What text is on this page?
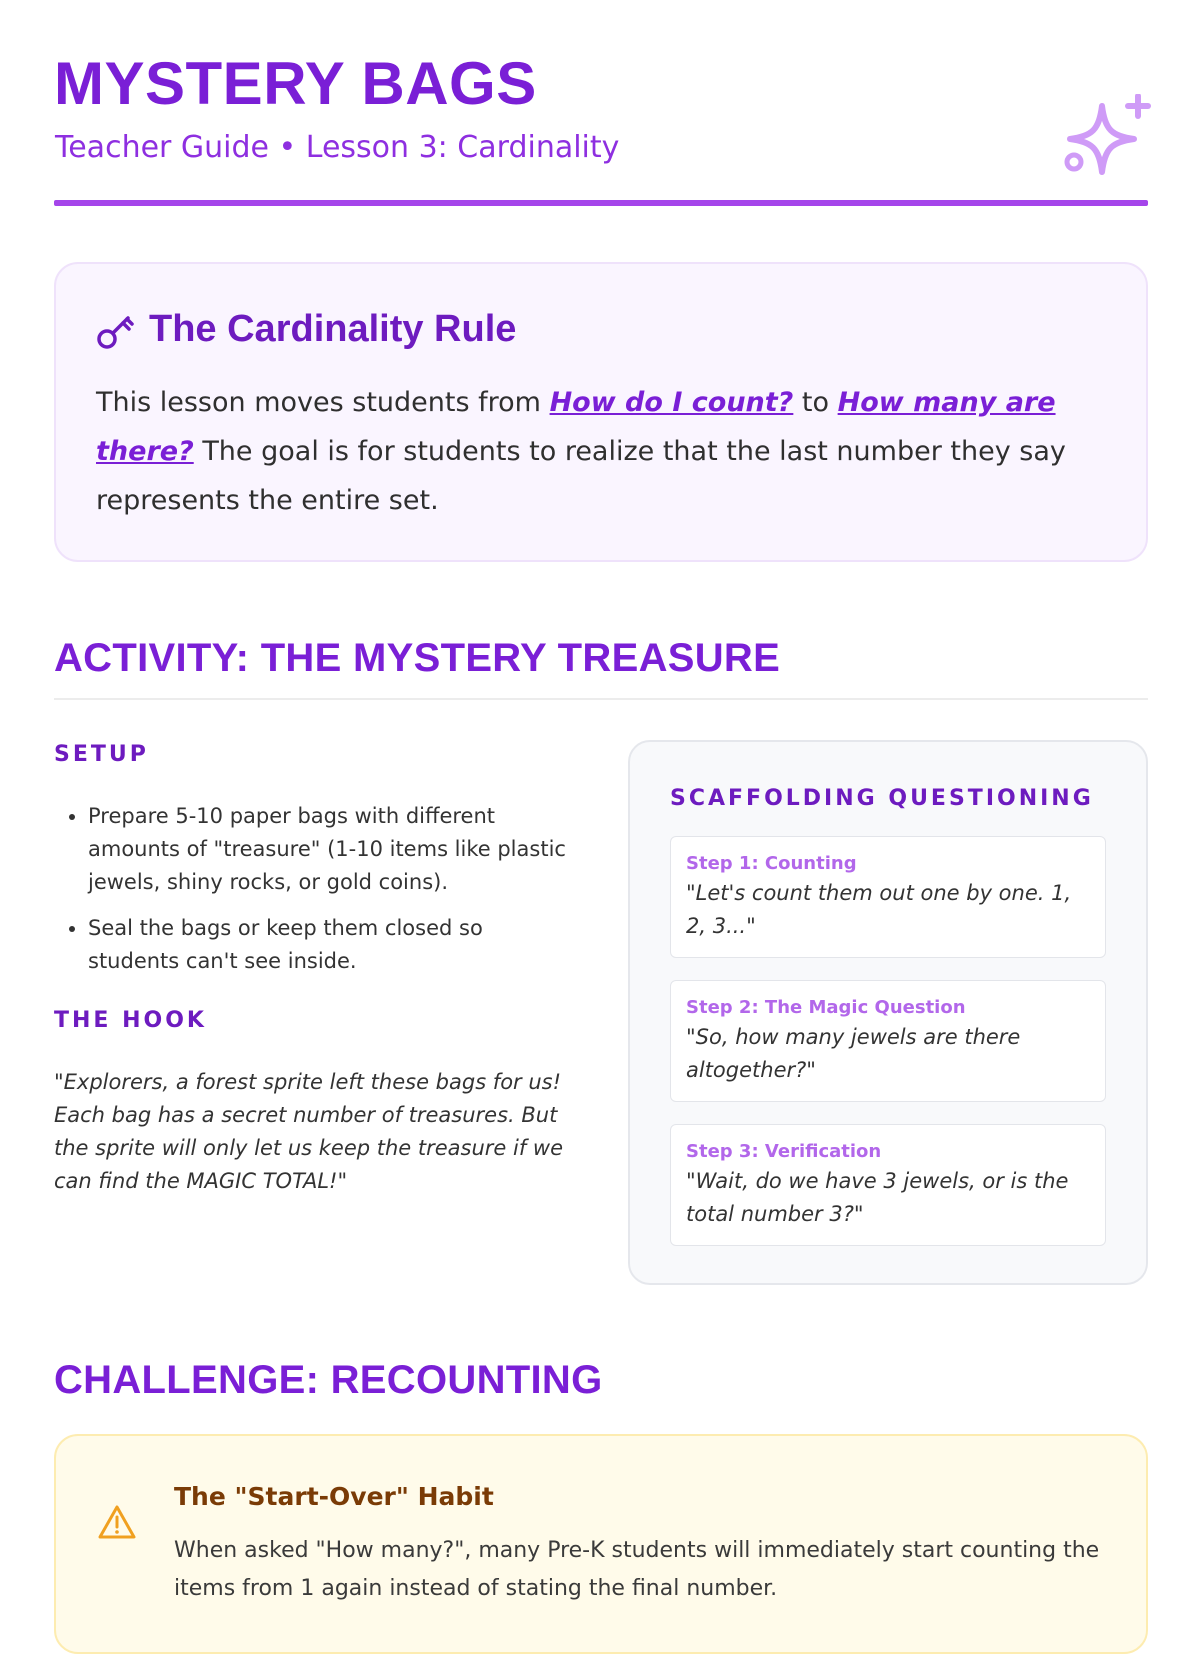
MYSTERY BAGS
Teacher Guide • Lesson 3: Cardinality
The Cardinality Rule

This lesson moves students from How do I count? to How many are there? The goal is for students to realize that the last number they say represents the entire set.

ACTIVITY: THE MYSTERY TREASURE
SETUP
• Prepare 5-10 paper bags with different amounts of "treasure" (1-10 items like plastic jewels, shiny rocks, or gold coins).
• Seal the bags or keep them closed so students can't see inside.
THE HOOK

"Explorers, a forest sprite left these bags for us! Each bag has a secret number of treasures. But the sprite will only let us keep the treasure if we can find the MAGIC TOTAL!"

SCAFFOLDING QUESTIONING
Step 1: Counting
"Let's count them out one by one. 1, 2, 3..."
Step 2: The Magic Question
"So, how many jewels are there altogether?"
Step 3: Verification
"Wait, do we have 3 jewels, or is the total number 3?"
CHALLENGE: RECOUNTING
The "Start-Over" Habit

When asked "How many?", many Pre-K students will immediately start counting the items from 1 again instead of stating the final number.
